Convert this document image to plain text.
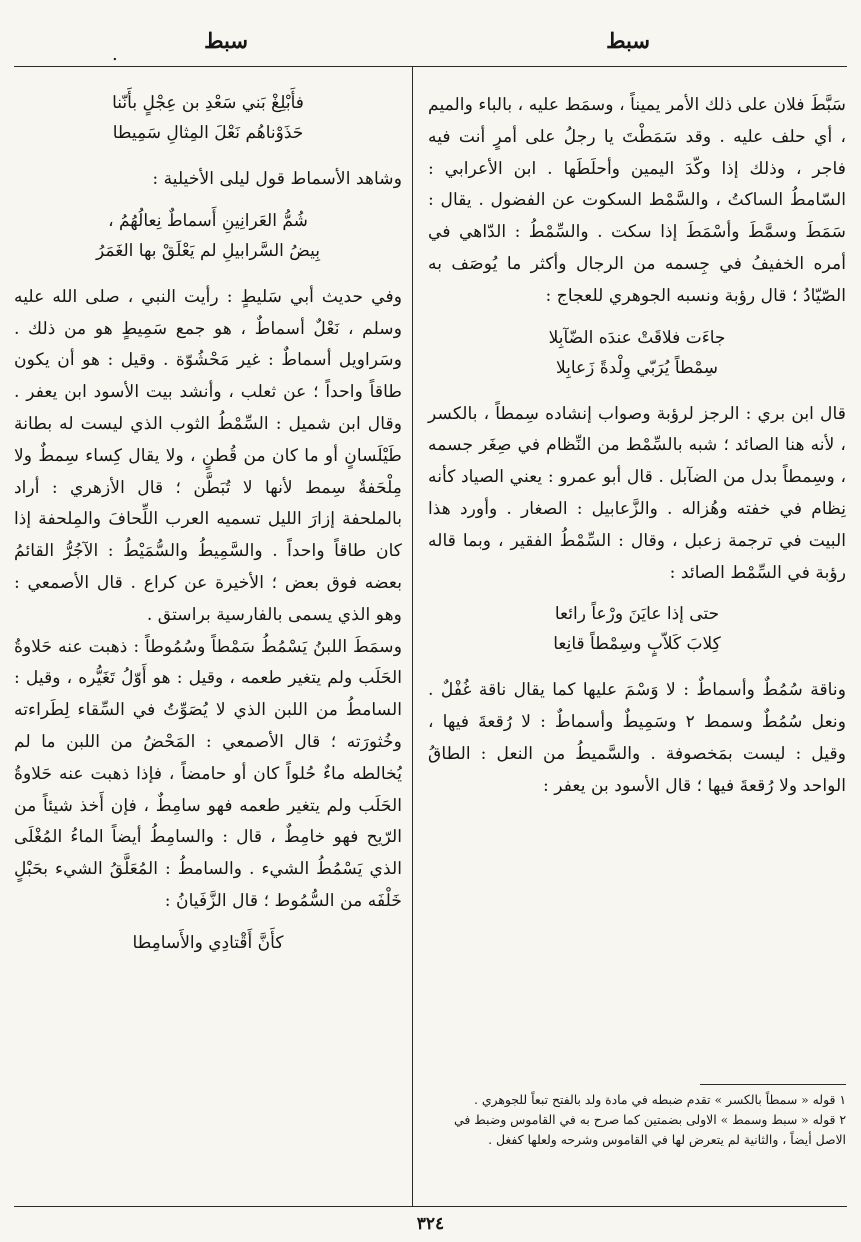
سبط
سبط
.

سَبَّطَ فلان على ذلك الأمر يميناً ، وسمَط عليه ، بالباء والميم ، أي حلف عليه . وقد سَمَطْتَ يا رجلُ على أمرٍ أنت فيه فاجر ، وذلك إذا وكّدَ اليمين وأحلَطَها . ابن الأعرابي : السّامطُ الساكتُ ، والسَّمْط السكوت عن الفضول . يقال : سَمَطَ وسمَّطَ وأسْمَطَ إذا سكت . والسِّمْطُ : الدّاهي في أمره الخفيفُ في جِسمه من الرجال وأكثر ما يُوصَف به الصّيّادُ ؛ قال رؤبة ونسبه الجوهري للعجاج :

جاءَت فلاقَتْ عندَه الضّآبِلا
سِمْطاً يُرَبّي وِلْدةً زَعابِلا

قال ابن بري : الرجز لرؤبة وصواب إنشاده سِمطاً ، بالكسر ، لأنه هنا الصائد ؛ شبه بالسِّمْط من النِّظام في صِغَر جسمه ، وسِمطاً بدل من الضآبل . قال أبو عمرو : يعني الصياد كأنه نِظام في خفته وهُزاله . والزَّعابيل : الصغار . وأورد هذا البيت في ترجمة زعبل ، وقال : السِّمْطُ الفقير ، وبما قاله رؤبة في السِّمْط الصائد :

حتى إذا عايَنَ ورْعاً رائعا
كِلابَ كَلاّبٍ وسِمْطاً قانِعا

وناقة سُمُطٌ وأسماطٌ : لا وَسْمَ عليها كما يقال ناقة غُفْلٌ . ونعل سُمُطٌ وسمط ٢ وسَمِيطٌ وأسماطٌ : لا رُقعةَ فيها ، وقيل : ليست بمَخصوفة . والسَّميطُ من النعل : الطاقُ الواحد ولا رُقعةَ فيها ؛ قال الأسود بن يعفر :

فأَبْلِغْ بَني سَعْدِ بن عِجْلٍ بأَنّنا
حَذَوْناهُم نَعْلَ المِثالِ سَمِيطا

وشاهد الأسماط قول ليلى الأخيلية :

شُمُّ العَرانِينِ أَسماطٌ نِعالُهُمُ ،
بِيضُ السَّرابيلِ لم يَعْلَقْ بها الغَمَرُ

وفي حديث أبي سَليطٍ : رأيت النبي ، صلى الله عليه وسلم ، نَعْلٌ أسماطٌ ، هو جمع سَمِيطٍ هو من ذلك . وسَراويل أسماطٌ : غير مَحْشُوّة . وقيل : هو أن يكون طاقاً واحداً ؛ عن ثعلب ، وأنشد بيت الأسود ابن يعفر . وقال ابن شميل : السِّمْطُ الثوب الذي ليست له بطانة طَيْلَسانٍ أو ما كان من قُطنٍ ، ولا يقال كِساء سِمطٌ ولا مِلْحَفةٌ سِمط لأنها لا تُبَطَّن ؛ قال الأزهري : أراد بالملحفة إزارَ الليل تسميه العرب اللِّحافَ والمِلحفة إذا كان طاقاً واحداً . والسَّمِيطُ والسُّمَيْطُ : الآجُرُّ القائمُ بعضه فوق بعض ؛ الأخيرة عن كراع . قال الأصمعي : وهو الذي يسمى بالفارسية براستق .

وسمَطَ اللبنُ يَسْمُطُ سَمْطاً وسُمُوطاً : ذهبت عنه حَلاوةُ الحَلَب ولم يتغير طعمه ، وقيل : هو أَوّلُ تَغَيُّره ، وقيل : السامطُ من اللبن الذي لا يُصَوِّتُ في السِّقاء لِطَراءته وخُثورَته ؛ قال الأصمعي : المَحْضُ من اللبن ما لم يُخالطه ماءٌ حُلواً كان أو حامضاً ، فإذا ذهبت عنه حَلاوةُ الحَلَب ولم يتغير طعمه فهو سامِطٌ ، فإن أَخذ شيئاً من الرّيح فهو خامِطٌ ، قال : والسامِطُ أيضاً الماءُ المُغْلَى الذي يَسْمُطُ الشيء . والسامطُ : المُعَلَّقُ الشيء بحَبْلٍ خَلْفَه من السُّمُوط ؛ قال الزَّفَيانُ :

كأَنَّ أَقْتادِي والأَسامِطا

١ قوله « سمطاً بالكسر » تقدم ضبطه في مادة ولد بالفتح تبعاً للجوهري .

٢ قوله « سبط وسمط » الاولى بضمتين كما صرح به في القاموس وضبط في الاصل أيضاً ، والثانية لم يتعرض لها في القاموس وشرحه ولعلها كفغل .

٣٢٤
